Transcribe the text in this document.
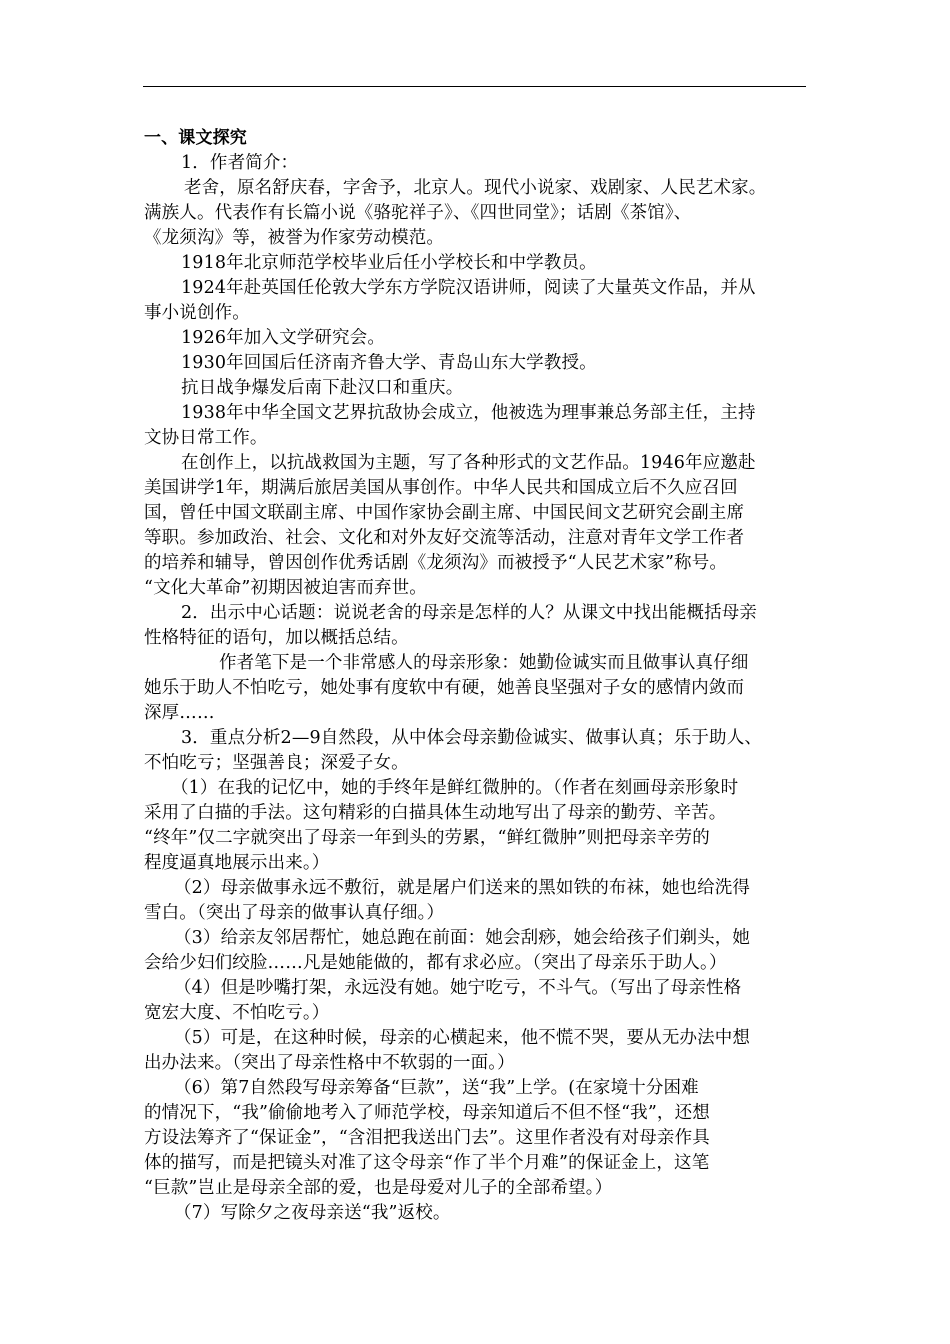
一、课文探究
1．作者简介：
老舍，原名舒庆春，字舍予，北京人。现代小说家、戏剧家、人民艺术家。
满族人。代表作有长篇小说《骆驼祥子》、《四世同堂》；话剧《茶馆》、
《龙须沟》等，被誉为作家劳动模范。
1918年北京师范学校毕业后任小学校长和中学教员。
1924年赴英国任伦敦大学东方学院汉语讲师，阅读了大量英文作品，并从
事小说创作。
1926年加入文学研究会。
1930年回国后任济南齐鲁大学、青岛山东大学教授。
抗日战争爆发后南下赴汉口和重庆。
1938年中华全国文艺界抗敌协会成立，他被选为理事兼总务部主任，主持
文协日常工作。
在创作上，以抗战救国为主题，写了各种形式的文艺作品。1946年应邀赴
美国讲学1年，期满后旅居美国从事创作。中华人民共和国成立后不久应召回
国，曾任中国文联副主席、中国作家协会副主席、中国民间文艺研究会副主席
等职。参加政治、社会、文化和对外友好交流等活动，注意对青年文学工作者
的培养和辅导，曾因创作优秀话剧《龙须沟》而被授予“人民艺术家”称号。
“文化大革命”初期因被迫害而弃世。
2．出示中心话题：说说老舍的母亲是怎样的人？从课文中找出能概括母亲
性格特征的语句，加以概括总结。
作者笔下是一个非常感人的母亲形象：她勤俭诚实而且做事认真仔细
她乐于助人不怕吃亏，她处事有度软中有硬，她善良坚强对子女的感情内敛而
深厚……
3．重点分析2—9自然段，从中体会母亲勤俭诚实、做事认真；乐于助人、
不怕吃亏；坚强善良；深爱子女。
（1）在我的记忆中，她的手终年是鲜红微肿的。（作者在刻画母亲形象时
采用了白描的手法。这句精彩的白描具体生动地写出了母亲的勤劳、辛苦。
“终年”仅二字就突出了母亲一年到头的劳累，“鲜红微肿”则把母亲辛劳的
程度逼真地展示出来。）
（2）母亲做事永远不敷衍，就是屠户们送来的黑如铁的布袜，她也给洗得
雪白。（突出了母亲的做事认真仔细。）
（3）给亲友邻居帮忙，她总跑在前面：她会刮痧，她会给孩子们剃头，她
会给少妇们绞脸……凡是她能做的，都有求必应。（突出了母亲乐于助人。）
（4）但是吵嘴打架，永远没有她。她宁吃亏，不斗气。（写出了母亲性格
宽宏大度、不怕吃亏。）
（5）可是，在这种时候，母亲的心横起来，他不慌不哭，要从无办法中想
出办法来。（突出了母亲性格中不软弱的一面。）
（6）第7自然段写母亲筹备“巨款”，送“我”上学。(在家境十分困难
的情况下，“我”偷偷地考入了师范学校，母亲知道后不但不怪“我”，还想
方设法筹齐了“保证金”，“含泪把我送出门去”。这里作者没有对母亲作具
体的描写，而是把镜头对准了这令母亲“作了半个月难”的保证金上，这笔
“巨款”岂止是母亲全部的爱，也是母爱对儿子的全部希望。）
（7）写除夕之夜母亲送“我”返校。
